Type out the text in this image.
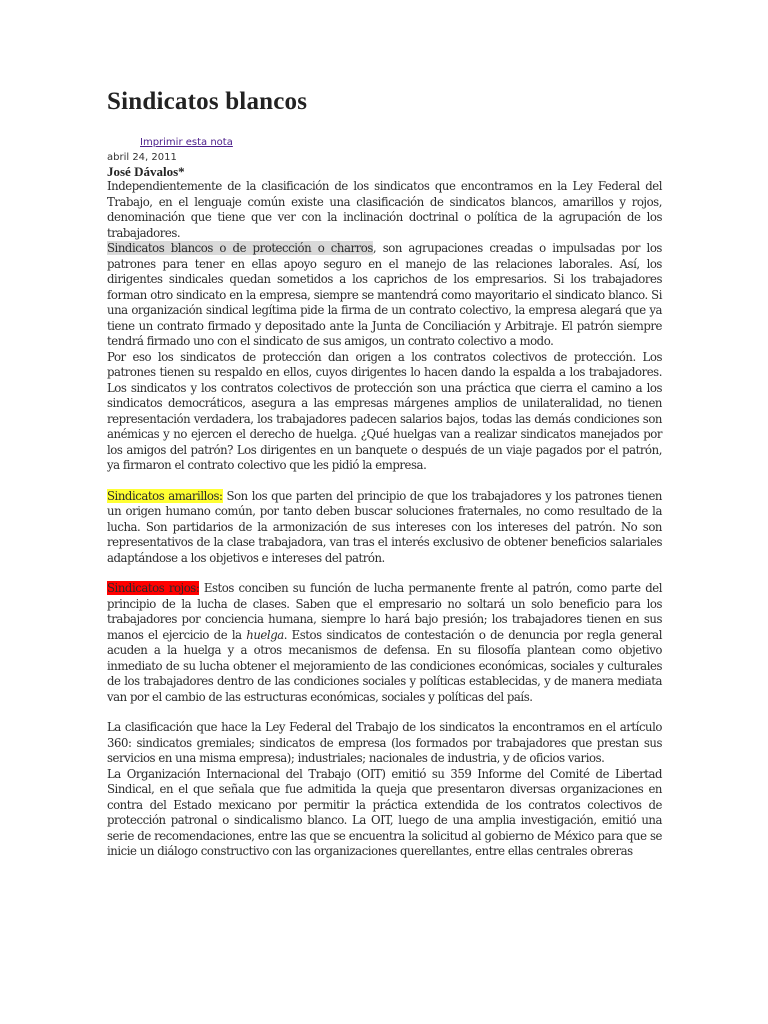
Sindicatos blancos
Imprimir esta nota
abril 24, 2011
José Dávalos*

Independientemente de la clasificación de los sindicatos que encontramos en la Ley Federal del Trabajo, en el lenguaje común existe una clasificación de sindicatos blancos, amarillos y rojos, denominación que tiene que ver con la inclinación doctrinal o política de la agrupación de los trabajadores.

Sindicatos blancos o de protección o charros, son agrupaciones creadas o impulsadas por los patrones para tener en ellas apoyo seguro en el manejo de las relaciones laborales. Así, los dirigentes sindicales quedan sometidos a los caprichos de los empresarios. Si los trabajadores forman otro sindicato en la empresa, siempre se mantendrá como mayoritario el sindicato blanco. Si una organización sindical legítima pide la firma de un contrato colectivo, la empresa alegará que ya tiene un contrato firmado y depositado ante la Junta de Conciliación y Arbitraje. El patrón siempre tendrá firmado uno con el sindicato de sus amigos, un contrato colectivo a modo.

Por eso los sindicatos de protección dan origen a los contratos colectivos de protección. Los patrones tienen su respaldo en ellos, cuyos dirigentes lo hacen dando la espalda a los trabajadores. Los sindicatos y los contratos colectivos de protección son una práctica que cierra el camino a los sindicatos democráticos, asegura a las empresas márgenes amplios de unilateralidad, no tienen representación verdadera, los trabajadores padecen salarios bajos, todas las demás condiciones son anémicas y no ejercen el derecho de huelga. ¿Qué huelgas van a realizar sindicatos manejados por los amigos del patrón? Los dirigentes en un banquete o después de un viaje pagados por el patrón, ya firmaron el contrato colectivo que les pidió la empresa.

Sindicatos amarillos: Son los que parten del principio de que los trabajadores y los patrones tienen un origen humano común, por tanto deben buscar soluciones fraternales, no como resultado de la lucha. Son partidarios de la armonización de sus intereses con los intereses del patrón. No son representativos de la clase trabajadora, van tras el interés exclusivo de obtener beneficios salariales adaptándose a los objetivos e intereses del patrón.

Sindicatos rojos: Estos conciben su función de lucha permanente frente al patrón, como parte del principio de la lucha de clases. Saben que el empresario no soltará un solo beneficio para los trabajadores por conciencia humana, siempre lo hará bajo presión; los trabajadores tienen en sus manos el ejercicio de la huelga. Estos sindicatos de contestación o de denuncia por regla general acuden a la huelga y a otros mecanismos de defensa. En su filosofía plantean como objetivo inmediato de su lucha obtener el mejoramiento de las condiciones económicas, sociales y culturales de los trabajadores dentro de las condiciones sociales y políticas establecidas, y de manera mediata van por el cambio de las estructuras económicas, sociales y políticas del país.

La clasificación que hace la Ley Federal del Trabajo de los sindicatos la encontramos en el artículo 360: sindicatos gremiales; sindicatos de empresa (los formados por trabajadores que prestan sus servicios en una misma empresa); industriales; nacionales de industria, y de oficios varios.

La Organización Internacional del Trabajo (OIT) emitió su 359 Informe del Comité de Libertad Sindical, en el que señala que fue admitida la queja que presentaron diversas organizaciones en contra del Estado mexicano por permitir la práctica extendida de los contratos colectivos de protección patronal o sindicalismo blanco. La OIT, luego de una amplia investigación, emitió una serie de recomendaciones, entre las que se encuentra la solicitud al gobierno de México para que se inicie un diálogo constructivo con las organizaciones querellantes, entre ellas centrales obreras
